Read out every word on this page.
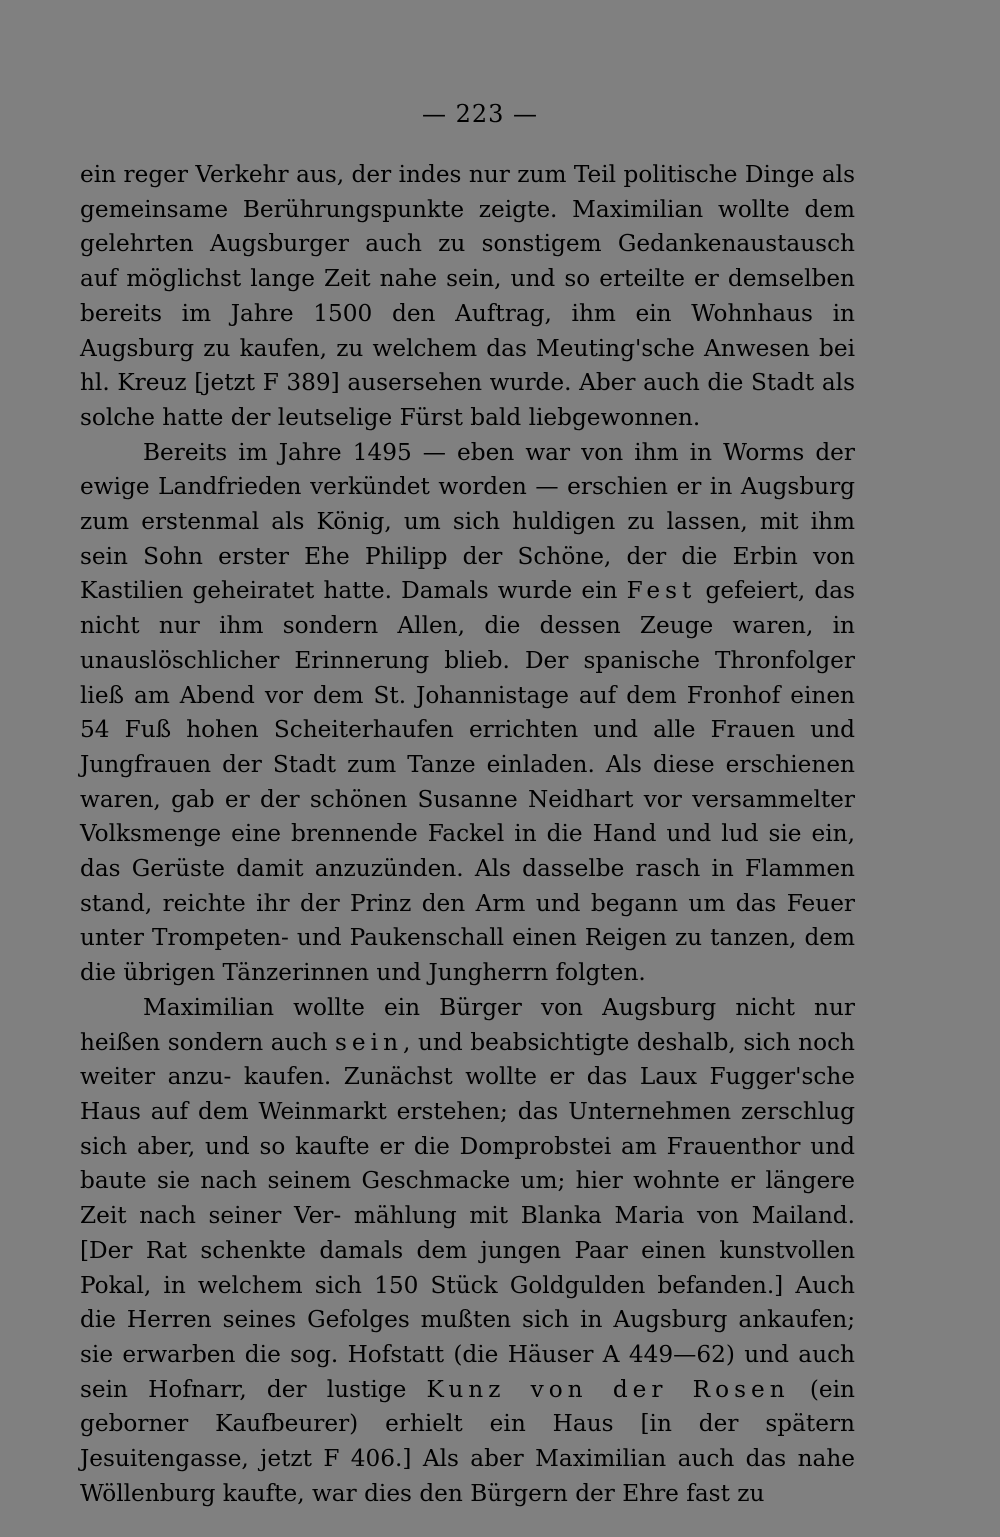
— 223 —

ein reger Verkehr aus, der indes nur zum Teil politische Dinge als gemeinsame Berührungspunkte zeigte. Maximilian wollte dem gelehrten Augsburger auch zu sonstigem Gedankenaustausch auf möglichst lange Zeit nahe sein, und so erteilte er demselben bereits im Jahre 1500 den Auftrag, ihm ein Wohnhaus in Augsburg zu kaufen, zu welchem das Meuting'sche Anwesen bei hl. Kreuz [jetzt F 389] ausersehen wurde. Aber auch die Stadt als solche hatte der leutselige Fürst bald liebgewonnen.

Bereits im Jahre 1495 — eben war von ihm in Worms der ewige Landfrieden verkündet worden — erschien er in Augsburg zum erstenmal als König, um sich huldigen zu lassen, mit ihm sein Sohn erster Ehe Philipp der Schöne, der die Erbin von Kastilien geheiratet hatte. Damals wurde ein Fest gefeiert, das nicht nur ihm sondern Allen, die dessen Zeuge waren, in unauslöschlicher Erinnerung blieb. Der spanische Thronfolger ließ am Abend vor dem St. Johannistage auf dem Fronhof einen 54 Fuß hohen Scheiterhaufen errichten und alle Frauen und Jungfrauen der Stadt zum Tanze einladen. Als diese erschienen waren, gab er der schönen Susanne Neidhart vor versammelter Volksmenge eine brennende Fackel in die Hand und lud sie ein, das Gerüste damit anzuzünden. Als dasselbe rasch in Flammen stand, reichte ihr der Prinz den Arm und begann um das Feuer unter Trompeten- und Paukenschall einen Reigen zu tanzen, dem die übrigen Tänzerinnen und Jungherrn folgten.

Maximilian wollte ein Bürger von Augsburg nicht nur heißen sondern auch sein, und beabsichtigte deshalb, sich noch weiter anzu- kaufen. Zunächst wollte er das Laux Fugger'sche Haus auf dem Weinmarkt erstehen; das Unternehmen zerschlug sich aber, und so kaufte er die Domprobstei am Frauenthor und baute sie nach seinem Geschmacke um; hier wohnte er längere Zeit nach seiner Ver- mählung mit Blanka Maria von Mailand. [Der Rat schenkte damals dem jungen Paar einen kunstvollen Pokal, in welchem sich 150 Stück Goldgulden befanden.] Auch die Herren seines Gefolges mußten sich in Augsburg ankaufen; sie erwarben die sog. Hofstatt (die Häuser A 449—62) und auch sein Hofnarr, der lustige Kunz von der Rosen (ein geborner Kaufbeurer) erhielt ein Haus [in der spätern Jesuitengasse, jetzt F 406.] Als aber Maximilian auch das nahe Wöllenburg kaufte, war dies den Bürgern der Ehre fast zu
